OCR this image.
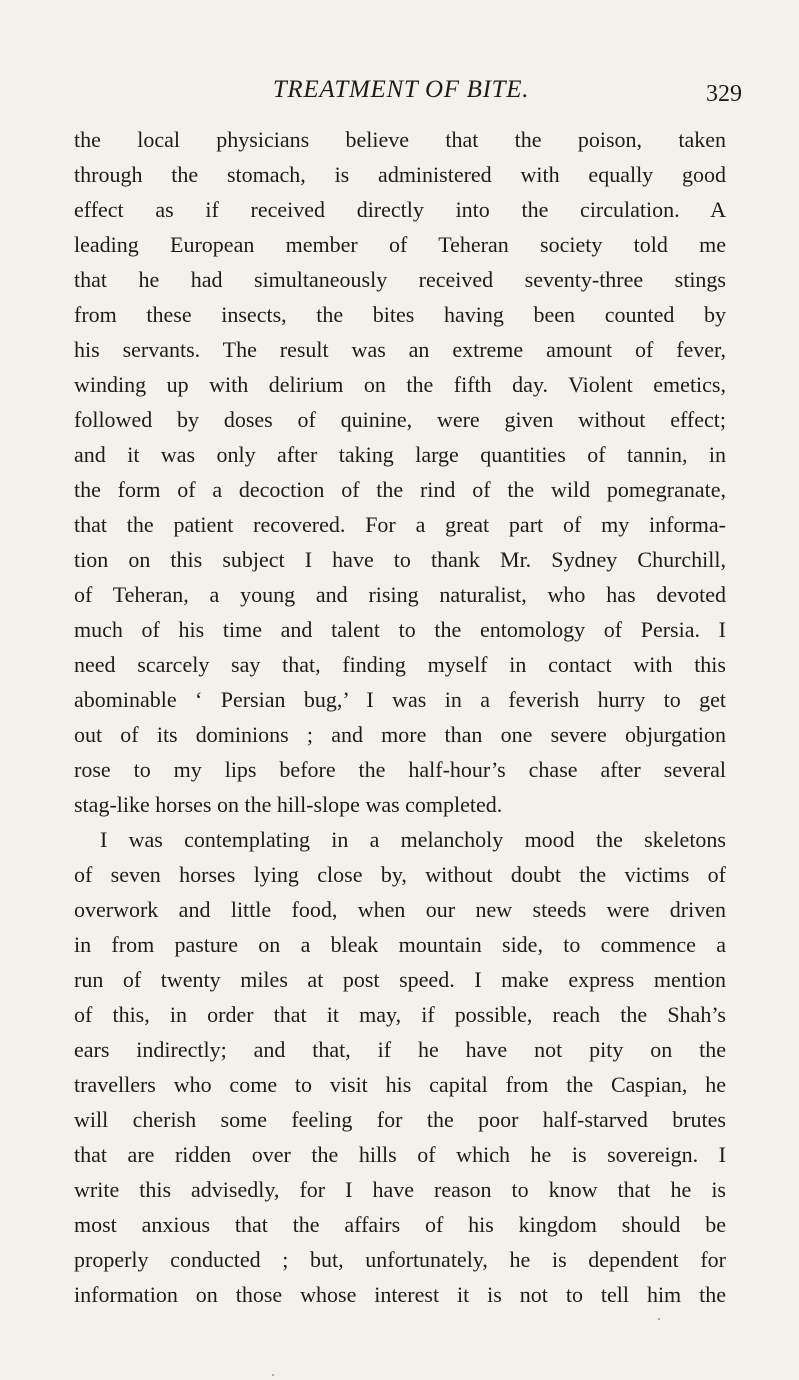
TREATMENT OF BITE.	329
the local physicians believe that the poison, taken
through the stomach, is administered with equally good
effect as if received directly into the circulation. A
leading European member of Teheran society told me
that he had simultaneously received seventy-three stings
from these insects, the bites having been counted by
his servants. The result was an extreme amount of fever,
winding up with delirium on the fifth day. Violent emetics,
followed by doses of quinine, were given without effect;
and it was only after taking large quantities of tannin, in
the form of a decoction of the rind of the wild pomegranate,
that the patient recovered. For a great part of my informa-
tion on this subject I have to thank Mr. Sydney Churchill,
of Teheran, a young and rising naturalist, who has devoted
much of his time and talent to the entomology of Persia. I
need scarcely say that, finding myself in contact with this
abominable ‘ Persian bug,’ I was in a feverish hurry to get
out of its dominions ; and more than one severe objurgation
rose to my lips before the half-hour’s chase after several
stag-like horses on the hill-slope was completed.
I was contemplating in a melancholy mood the skeletons
of seven horses lying close by, without doubt the victims of
overwork and little food, when our new steeds were driven
in from pasture on a bleak mountain side, to commence a
run of twenty miles at post speed. I make express mention
of this, in order that it may, if possible, reach the Shah’s
ears indirectly; and that, if he have not pity on the
travellers who come to visit his capital from the Caspian, he
will cherish some feeling for the poor half-starved brutes
that are ridden over the hills of which he is sovereign. I
write this advisedly, for I have reason to know that he is
most anxious that the affairs of his kingdom should be
properly conducted ; but, unfortunately, he is dependent for
information on those whose interest it is not to tell him the
